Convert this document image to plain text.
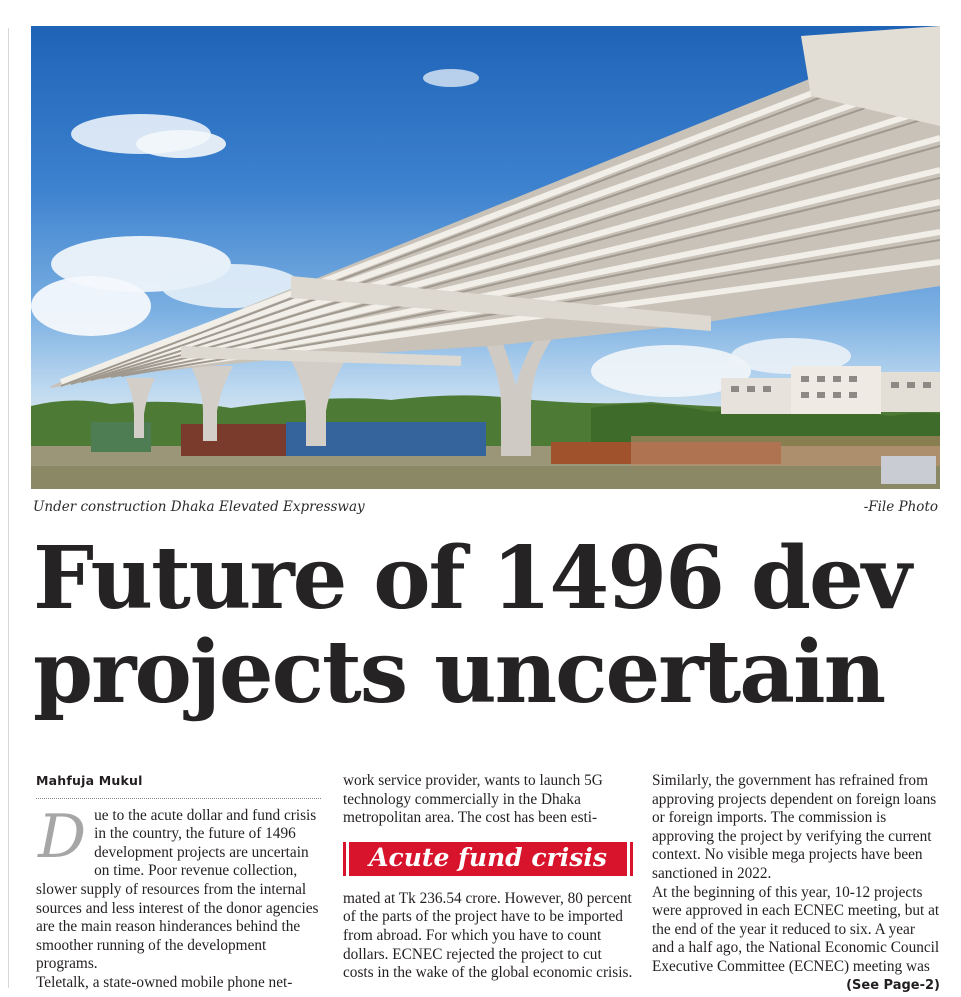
Under construction Dhaka Elevated Expressway	-File Photo
Future of 1496 dev
projects uncertain
Mahfuja Mukul

D ue to the acute dollar and fund crisis in the country, the future of 1496 development projects are uncertain on time. Poor revenue collection, slower supply of resources from the internal sources and less interest of the donor agencies are the main reason hinderances behind the smoother running of the development programs.

Teletalk, a state-owned mobile phone net-

work service provider, wants to launch 5G technology commercially in the Dhaka metropolitan area. The cost has been esti-

Acute fund crisis

mated at Tk 236.54 crore. However, 80 percent of the parts of the project have to be imported from abroad. For which you have to count dollars. ECNEC rejected the project to cut costs in the wake of the global economic crisis.

Similarly, the government has refrained from approving projects dependent on foreign loans or foreign imports. The commission is approving the project by verifying the current context. No visible mega projects have been sanctioned in 2022.

At the beginning of this year, 10-12 projects were approved in each ECNEC meeting, but at the end of the year it reduced to six. A year and a half ago, the National Economic Council Executive Committee (ECNEC) meeting was
(See Page-2)
